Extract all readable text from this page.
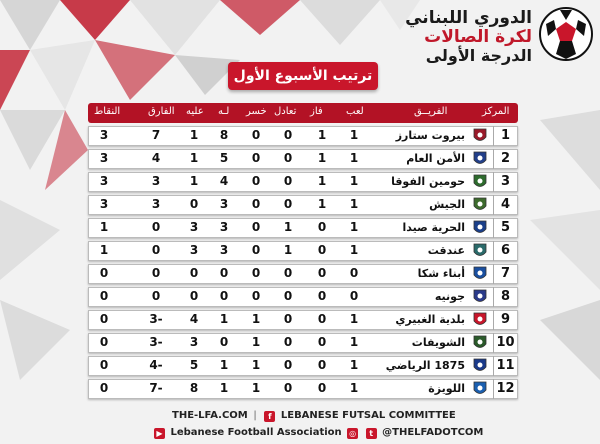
الدوري اللبناني
لكرة الصالات
الدرجة الأولى
ترتيب الأسبوع الأول
النقاط	الفارق عليه لـه خسر تعادل فاز لعب	الفريــق	المركز
3	7	1	8	0	0	1	1	بيروت ستارز	1
3	4	1	5	0	0	1	1	الأمن العام	2
3	3	1	4	0	0	1	1	حومين الفوقا	3
3	3	0	3	0	0	1	1	الجيش	4
1	0	3	3	0	1	0	1	الحرية صيدا	5
1	0	3	3	0	1	0	1	عندقت	6
0	0	0	0	0	0	0	0	أبناء شكا	7
0	0	0	0	0	0	0	0	جونيه	8
0	3-	4	1	1	0	0	1	بلدية الغبيري	9
0	3-	3	0	1	0	0	1	الشويفات 10
0	4-	5	1	1	0	0	1	1875 الرياضي 11
0	7-	8	1	1	0	0	1	اللويزة 12
THE-LFA.COM | f LEBANESE FUTSAL COMMITTEE
▶ Lebanese Football Association ◎ t @THELFADOTCOM
